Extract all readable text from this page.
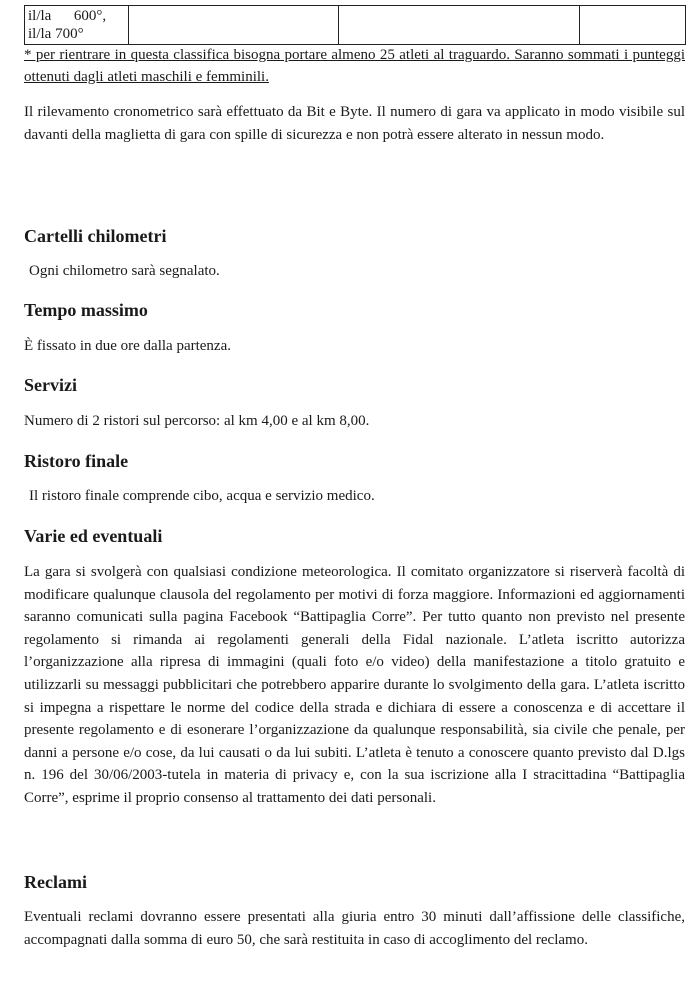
il/la      600°,
il/la 700°

* per rientrare in questa classifica bisogna portare almeno 25 atleti al traguardo. Saranno sommati i punteggi ottenuti dagli atleti maschili e femminili.

Il rilevamento cronometrico sarà effettuato da Bit e Byte. Il numero di gara va applicato in modo visibile sul davanti della maglietta di gara con spille di sicurezza e non potrà essere alterato in nessun modo.

Cartelli chilometri

Ogni chilometro sarà segnalato.

Tempo massimo

È fissato in due ore dalla partenza.

Servizi

Numero di 2 ristori sul percorso: al km 4,00 e al km 8,00.

Ristoro finale

Il ristoro finale comprende cibo, acqua e servizio medico.

Varie ed eventuali

La gara si svolgerà con qualsiasi condizione meteorologica. Il comitato organizzatore si riserverà facoltà di modificare qualunque clausola del regolamento per motivi di forza maggiore. Informazioni ed aggiornamenti saranno comunicati sulla pagina Facebook “Battipaglia Corre”. Per tutto quanto non previsto nel presente regolamento si rimanda ai regolamenti generali della Fidal nazionale. L’atleta iscritto autorizza l’organizzazione alla ripresa di immagini (quali foto e/o video) della manifestazione a titolo gratuito e utilizzarli su messaggi pubblicitari che potrebbero apparire durante lo svolgimento della gara. L’atleta iscritto si impegna a rispettare le norme del codice della strada e dichiara di essere a conoscenza e di accettare il presente regolamento e di esonerare l’organizzazione da qualunque responsabilità, sia civile che penale, per danni a persone e/o cose, da lui causati o da lui subiti. L’atleta è tenuto a conoscere quanto previsto dal D.lgs n. 196 del 30/06/2003-tutela in materia di privacy e, con la sua iscrizione alla I stracittadina “Battipaglia Corre”, esprime il proprio consenso al trattamento dei dati personali.

Reclami

Eventuali reclami dovranno essere presentati alla giuria entro 30 minuti dall’affissione delle classifiche, accompagnati dalla somma di euro 50, che sarà restituita in caso di accoglimento del reclamo.
